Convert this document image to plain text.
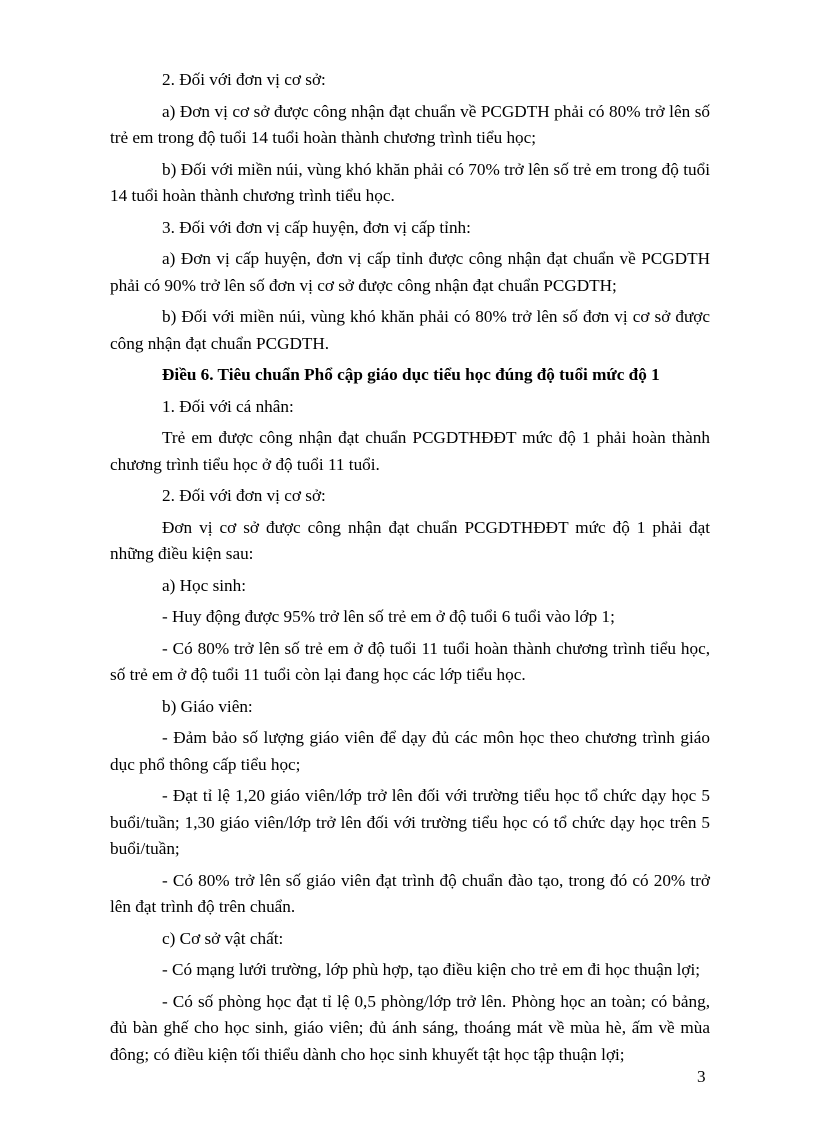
2. Đối với đơn vị cơ sở:

a) Đơn vị cơ sở được công nhận đạt chuẩn về PCGDTH phải có 80% trở lên số trẻ em trong độ tuổi 14 tuổi hoàn thành chương trình tiểu học;

b) Đối với miền núi, vùng khó khăn phải có 70% trở lên số trẻ em trong độ tuổi 14 tuổi hoàn thành chương trình tiểu học.

3. Đối với đơn vị cấp huyện, đơn vị cấp tỉnh:

a) Đơn vị cấp huyện, đơn vị cấp tỉnh được công nhận đạt chuẩn về PCGDTH phải có 90% trở lên số đơn vị cơ sở được công nhận đạt chuẩn PCGDTH;

b) Đối với miền núi, vùng khó khăn phải có 80% trở lên số đơn vị cơ sở được công nhận đạt chuẩn PCGDTH.

Điều 6. Tiêu chuẩn Phổ cập giáo dục tiểu học đúng độ tuổi mức độ 1

1. Đối với cá nhân:

Trẻ em được công nhận đạt chuẩn PCGDTHĐĐT mức độ 1 phải hoàn thành chương trình tiểu học ở độ tuổi 11 tuổi.

2. Đối với đơn vị cơ sở:

Đơn vị cơ sở được công nhận đạt chuẩn PCGDTHĐĐT mức độ 1 phải đạt những điều kiện sau:

a) Học sinh:

- Huy động được 95% trở lên số trẻ em ở độ tuổi 6 tuổi vào lớp 1;

- Có 80% trở lên số trẻ em ở độ tuổi 11 tuổi hoàn thành chương trình tiểu học, số trẻ em ở độ tuổi 11 tuổi còn lại đang học các lớp tiểu học.

b) Giáo viên:

- Đảm bảo số lượng giáo viên để dạy đủ các môn học theo chương trình giáo dục phổ thông cấp tiểu học;

- Đạt tỉ lệ 1,20 giáo viên/lớp trở lên đối với trường tiểu học tổ chức dạy học 5 buổi/tuần; 1,30 giáo viên/lớp trở lên đối với trường tiểu học có tổ chức dạy học trên 5 buổi/tuần;

- Có 80% trở lên số giáo viên đạt trình độ chuẩn đào tạo, trong đó có 20% trở lên đạt trình độ trên chuẩn.

c) Cơ sở vật chất:

- Có mạng lưới trường, lớp phù hợp, tạo điều kiện cho trẻ em đi học thuận lợi;

- Có số phòng học đạt tỉ lệ 0,5 phòng/lớp trở lên. Phòng học an toàn; có bảng, đủ bàn ghế cho học sinh, giáo viên; đủ ánh sáng, thoáng mát về mùa hè, ấm về mùa đông; có điều kiện tối thiểu dành cho học sinh khuyết tật học tập thuận lợi;

3
